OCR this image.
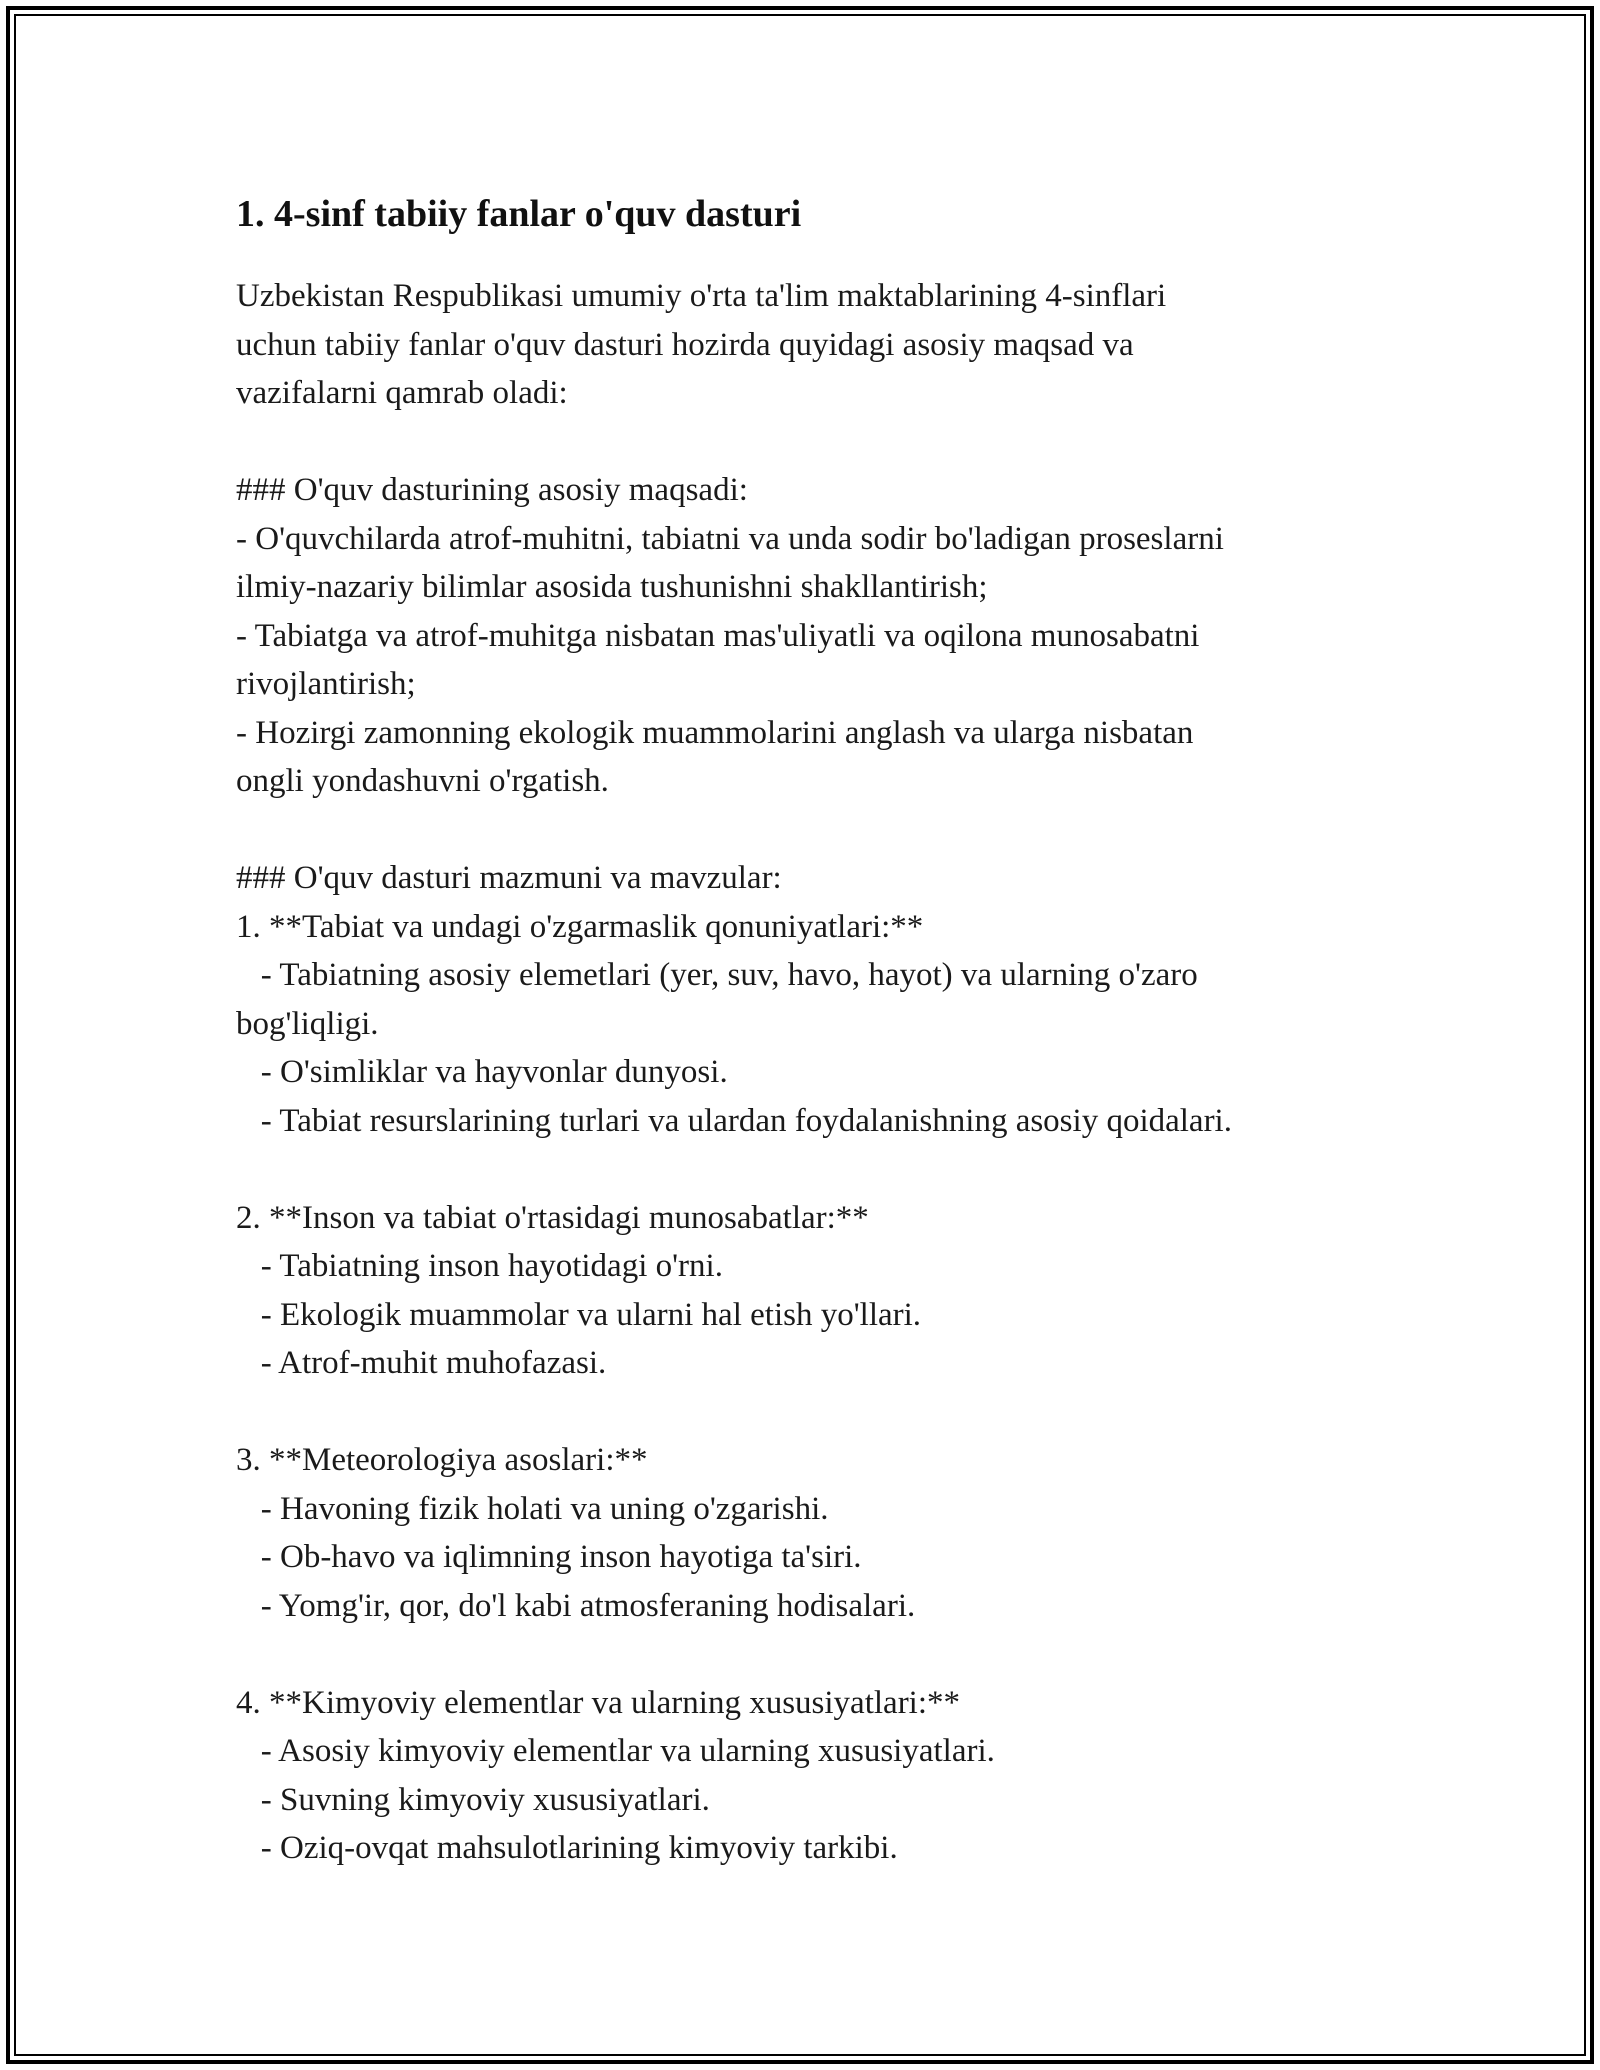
1. 4-sinf tabiiy fanlar o'quv dasturi

Uzbekistan Respublikasi umumiy o'rta ta'lim maktablarining 4-sinflari
uchun tabiiy fanlar o'quv dasturi hozirda quyidagi asosiy maqsad va
vazifalarni qamrab oladi:

### O'quv dasturining asosiy maqsadi:
- O'quvchilarda atrof-muhitni, tabiatni va unda sodir bo'ladigan proseslarni
ilmiy-nazariy bilimlar asosida tushunishni shakllantirish;
- Tabiatga va atrof-muhitga nisbatan mas'uliyatli va oqilona munosabatni
rivojlantirish;
- Hozirgi zamonning ekologik muammolarini anglash va ularga nisbatan
ongli yondashuvni o'rgatish.

### O'quv dasturi mazmuni va mavzular:
1. **Tabiat va undagi o'zgarmaslik qonuniyatlari:**
- Tabiatning asosiy elemetlari (yer, suv, havo, hayot) va ularning o'zaro
bog'liqligi.
- O'simliklar va hayvonlar dunyosi.
- Tabiat resurslarining turlari va ulardan foydalanishning asosiy qoidalari.

2. **Inson va tabiat o'rtasidagi munosabatlar:**
- Tabiatning inson hayotidagi o'rni.
- Ekologik muammolar va ularni hal etish yo'llari.
- Atrof-muhit muhofazasi.

3. **Meteorologiya asoslari:**
- Havoning fizik holati va uning o'zgarishi.
- Ob-havo va iqlimning inson hayotiga ta'siri.
- Yomg'ir, qor, do'l kabi atmosferaning hodisalari.

4. **Kimyoviy elementlar va ularning xususiyatlari:**
- Asosiy kimyoviy elementlar va ularning xususiyatlari.
- Suvning kimyoviy xususiyatlari.
- Oziq-ovqat mahsulotlarining kimyoviy tarkibi.
